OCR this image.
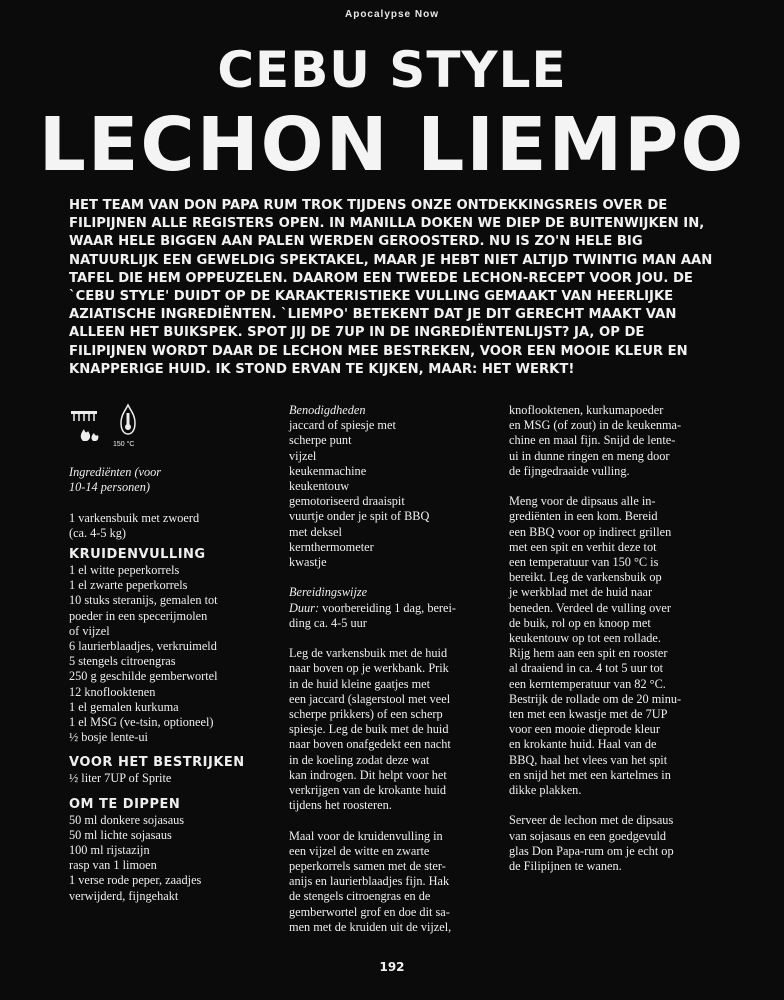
Apocalypse Now
CEBU STYLE
LECHON LIEMPO
HET TEAM VAN DON PAPA RUM TROK TIJDENS ONZE ONTDEKKINGSREIS OVER DE FILIPIJNEN ALLE REGISTERS OPEN. IN MANILLA DOKEN WE DIEP DE BUITENWIJKEN IN, WAAR HELE BIGGEN AAN PALEN WERDEN GEROOSTERD. NU IS ZO'N HELE BIG NATUURLIJK EEN GEWELDIG SPEKTAKEL, MAAR JE HEBT NIET ALTIJD TWINTIG MAN AAN TAFEL DIE HEM OPPEUZELEN. DAAROM EEN TWEEDE LECHON-RECEPT VOOR JOU. DE `CEBU STYLE' DUIDT OP DE KARAKTERISTIEKE VULLING GEMAAKT VAN HEERLIJKE AZIATISCHE INGREDIËNTEN. `LIEMPO' BETEKENT DAT JE DIT GERECHT MAAKT VAN ALLEEN HET BUIKSPEK. SPOT JIJ DE 7UP IN DE INGREDIËNTENLIJST? JA, OP DE FILIPIJNEN WORDT DAAR DE LECHON MEE BESTREKEN, VOOR EEN MOOIE KLEUR EN KNAPPERIGE HUID. IK STOND ERVAN TE KIJKEN, MAAR: HET WERKT!
150 °C
Ingrediënten (voor
10-14 personen)
1 varkensbuik met zwoerd
(ca. 4-5 kg)
KRUIDENVULLING
1 el witte peperkorrels
1 el zwarte peperkorrels
10 stuks steranijs, gemalen tot
poeder in een specerijmolen
of vijzel
6 laurierblaadjes, verkruimeld
5 stengels citroengras
250 g geschilde gemberwortel
12 knoflooktenen
1 el gemalen kurkuma
1 el MSG (ve-tsin, optioneel)
½ bosje lente-ui
VOOR HET BESTRIJKEN
½ liter 7UP of Sprite
OM TE DIPPEN
50 ml donkere sojasaus
50 ml lichte sojasaus
100 ml rijstazijn
rasp van 1 limoen
1 verse rode peper, zaadjes
verwijderd, fijngehakt
Benodigdheden
jaccard of spiesje met
scherpe punt
vijzel
keukenmachine
keukentouw
gemotoriseerd draaispit
vuurtje onder je spit of BBQ
met deksel
kernthermometer
kwastje
Bereidingswijze
Duur: voorbereiding 1 dag, berei-
ding ca. 4-5 uur
Leg de varkensbuik met de huid
naar boven op je werkbank. Prik
in de huid kleine gaatjes met
een jaccard (slagerstool met veel
scherpe prikkers) of een scherp
spiesje. Leg de buik met de huid
naar boven onafgedekt een nacht
in de koeling zodat deze wat
kan indrogen. Dit helpt voor het
verkrijgen van de krokante huid
tijdens het roosteren.
Maal voor de kruidenvulling in
een vijzel de witte en zwarte
peperkorrels samen met de ster-
anijs en laurierblaadjes fijn. Hak
de stengels citroengras en de
gemberwortel grof en doe dit sa-
men met de kruiden uit de vijzel,
knoflooktenen, kurkumapoeder
en MSG (of zout) in de keukenma-
chine en maal fijn. Snijd de lente-
ui in dunne ringen en meng door
de fijngedraaide vulling.
Meng voor de dipsaus alle in-
grediënten in een kom. Bereid
een BBQ voor op indirect grillen
met een spit en verhit deze tot
een temperatuur van 150 °C is
bereikt. Leg de varkensbuik op
je werkblad met de huid naar
beneden. Verdeel de vulling over
de buik, rol op en knoop met
keukentouw op tot een rollade.
Rijg hem aan een spit en rooster
al draaiend in ca. 4 tot 5 uur tot
een kerntemperatuur van 82 °C.
Bestrijk de rollade om de 20 minu-
ten met een kwastje met de 7UP
voor een mooie dieprode kleur
en krokante huid. Haal van de
BBQ, haal het vlees van het spit
en snijd het met een kartelmes in
dikke plakken.
Serveer de lechon met de dipsaus
van sojasaus en een goedgevuld
glas Don Papa-rum om je echt op
de Filipijnen te wanen.
192
